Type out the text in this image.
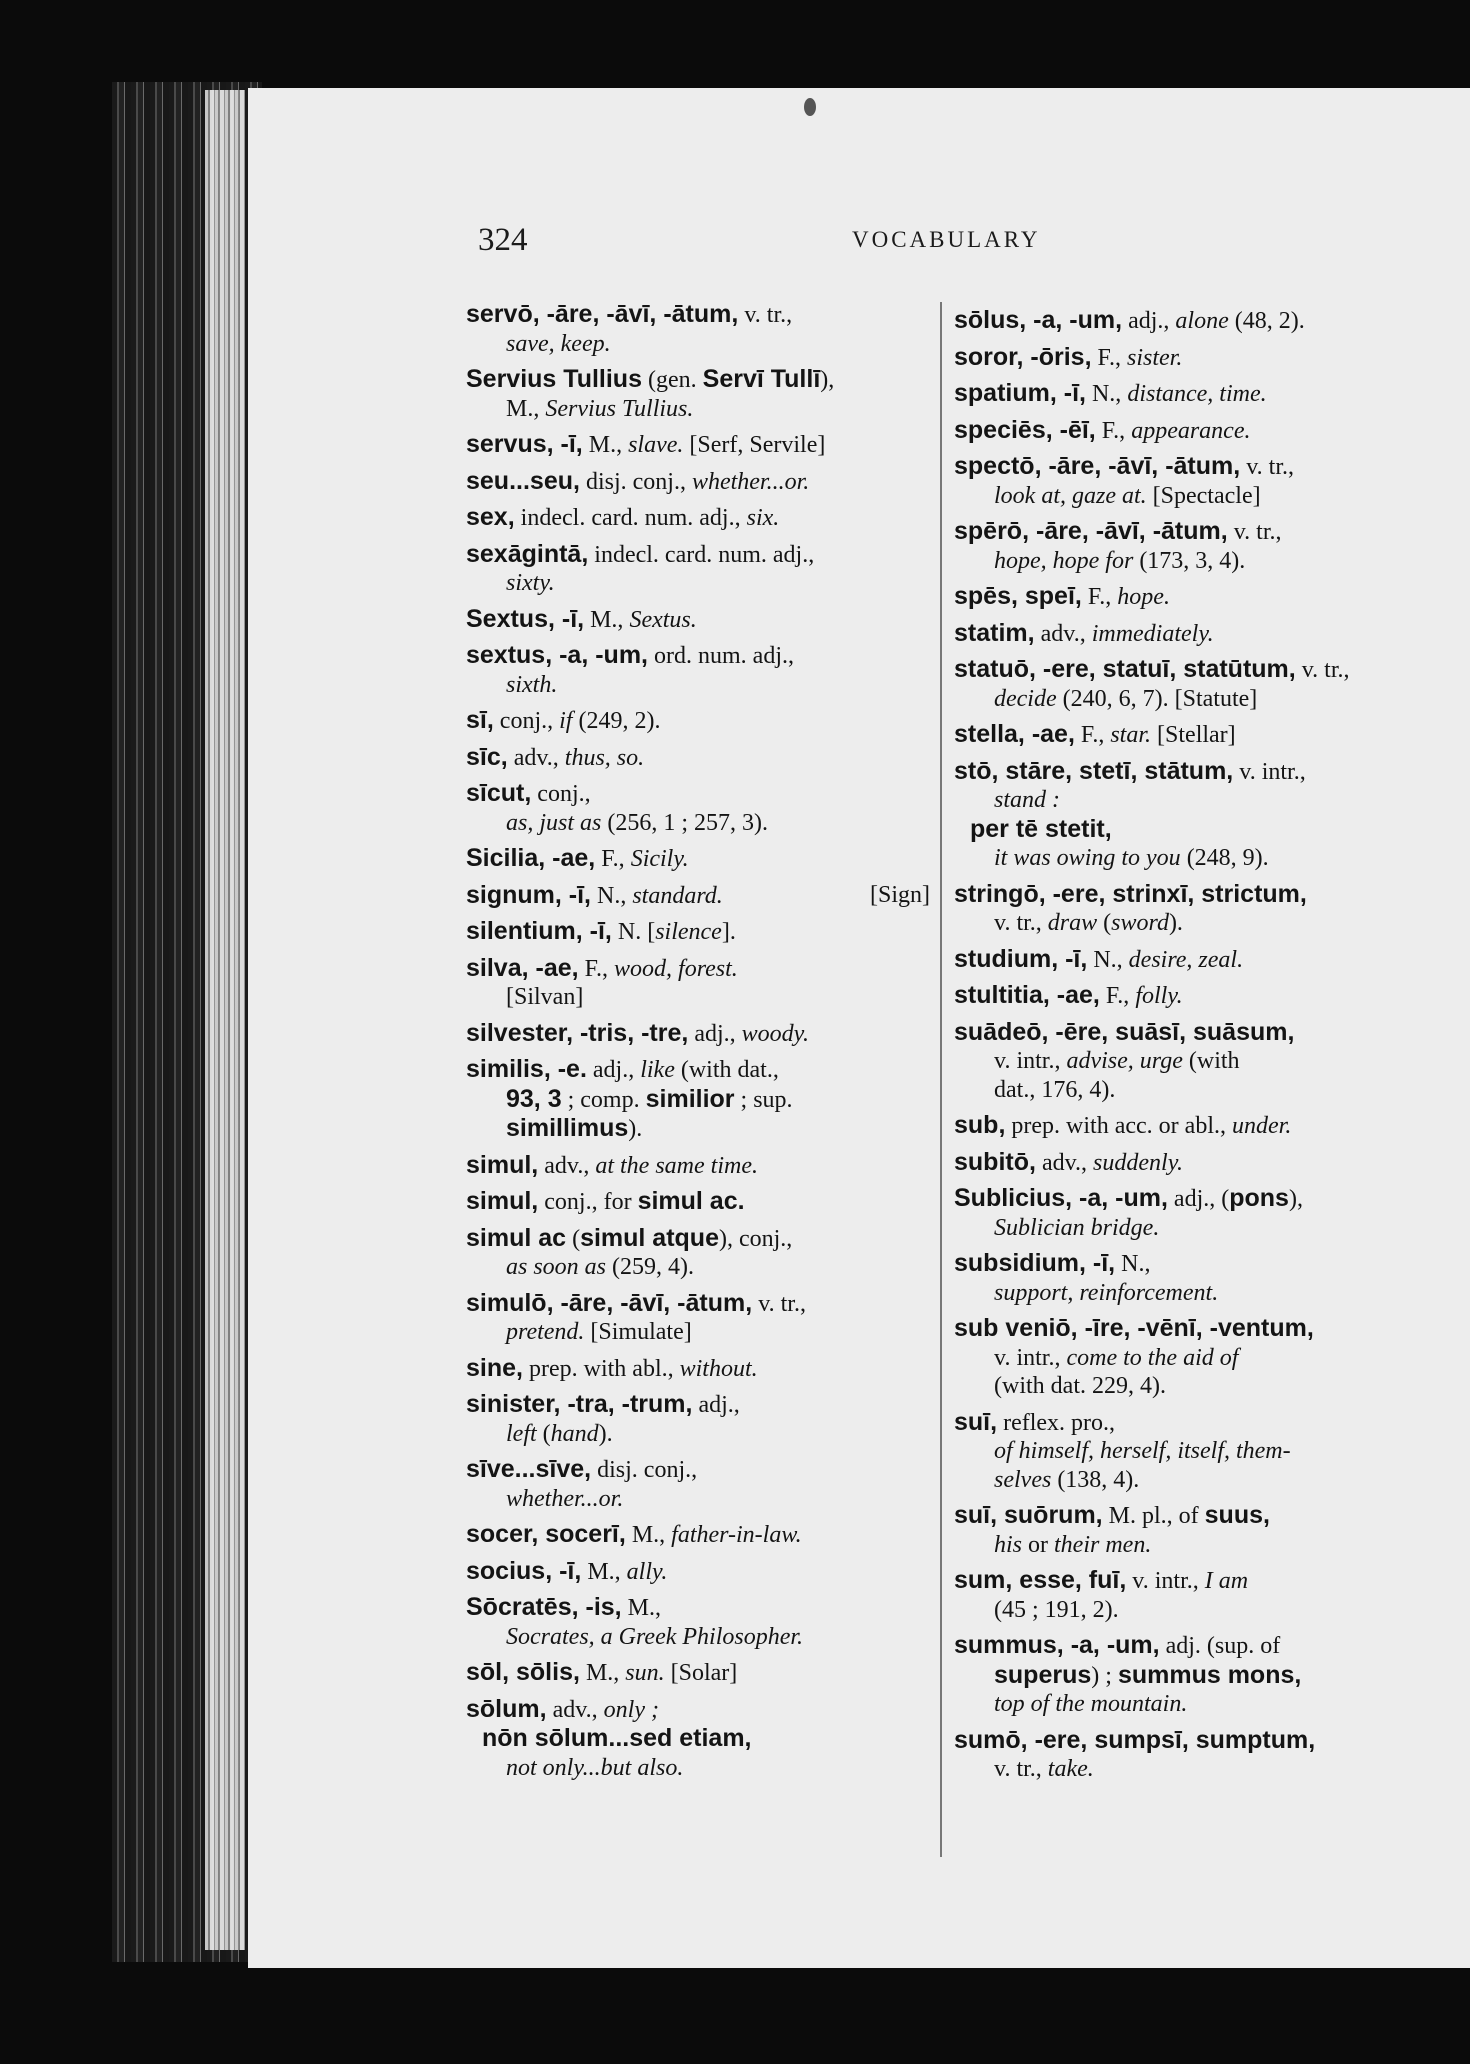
324	VOCABULARY
servō, -āre, -āvī, -ātum, v. tr.,
save, keep.
Servius Tullius (gen. Servī Tullī),
M., Servius Tullius.
servus, -ī, M., slave. [Serf, Servile]
seu...seu, disj. conj., whether...or.
sex, indecl. card. num. adj., six.
sexāgintā, indecl. card. num. adj.,
sixty.
Sextus, -ī, M., Sextus.
sextus, -a, -um, ord. num. adj.,
sixth.
sī, conj., if (249, 2).
sīc, adv., thus, so.
sīcut, conj.,
as, just as (256, 1 ; 257, 3).
Sicilia, -ae, F., Sicily.
signum, -ī, N., standard.	[Sign]
silentium, -ī, N. [silence].
silva, -ae, F., wood, forest.
[Silvan]
silvester, -tris, -tre, adj., woody.
similis, -e. adj., like (with dat.,
93, 3 ; comp. similior ; sup.
simillimus).
simul, adv., at the same time.
simul, conj., for simul ac.
simul ac (simul atque), conj.,
as soon as (259, 4).
simulō, -āre, -āvī, -ātum, v. tr.,
pretend. [Simulate]
sine, prep. with abl., without.
sinister, -tra, -trum, adj.,
left (hand).
sīve...sīve, disj. conj.,
whether...or.
socer, socerī, M., father-in-law.
socius, -ī, M., ally.
Sōcratēs, -is, M.,
Socrates, a Greek Philosopher.
sōl, sōlis, M., sun. [Solar]
sōlum, adv., only ;
nōn sōlum...sed etiam,
not only...but also.
sōlus, -a, -um, adj., alone (48, 2).
soror, -ōris, F., sister.
spatium, -ī, N., distance, time.
speciēs, -ēī, F., appearance.
spectō, -āre, -āvī, -ātum, v. tr.,
look at, gaze at. [Spectacle]
spērō, -āre, -āvī, -ātum, v. tr.,
hope, hope for (173, 3, 4).
spēs, speī, F., hope.
statim, adv., immediately.
statuō, -ere, statuī, statūtum, v. tr.,
decide (240, 6, 7). [Statute]
stella, -ae, F., star. [Stellar]
stō, stāre, stetī, stātum, v. intr.,
stand :
per tē stetit,
it was owing to you (248, 9).
stringō, -ere, strinxī, strictum,
v. tr., draw (sword).
studium, -ī, N., desire, zeal.
stultitia, -ae, F., folly.
suādeō, -ēre, suāsī, suāsum,
v. intr., advise, urge (with
dat., 176, 4).
sub, prep. with acc. or abl., under.
subitō, adv., suddenly.
Sublicius, -a, -um, adj., (pons),
Sublician bridge.
subsidium, -ī, N.,
support, reinforcement.
sub veniō, -īre, -vēnī, -ventum,
v. intr., come to the aid of
(with dat. 229, 4).
suī, reflex. pro.,
of himself, herself, itself, them-
selves (138, 4).
suī, suōrum, M. pl., of suus,
his or their men.
sum, esse, fuī, v. intr., I am
(45 ; 191, 2).
summus, -a, -um, adj. (sup. of
superus) ; summus mons,
top of the mountain.
sumō, -ere, sumpsī, sumptum,
v. tr., take.
